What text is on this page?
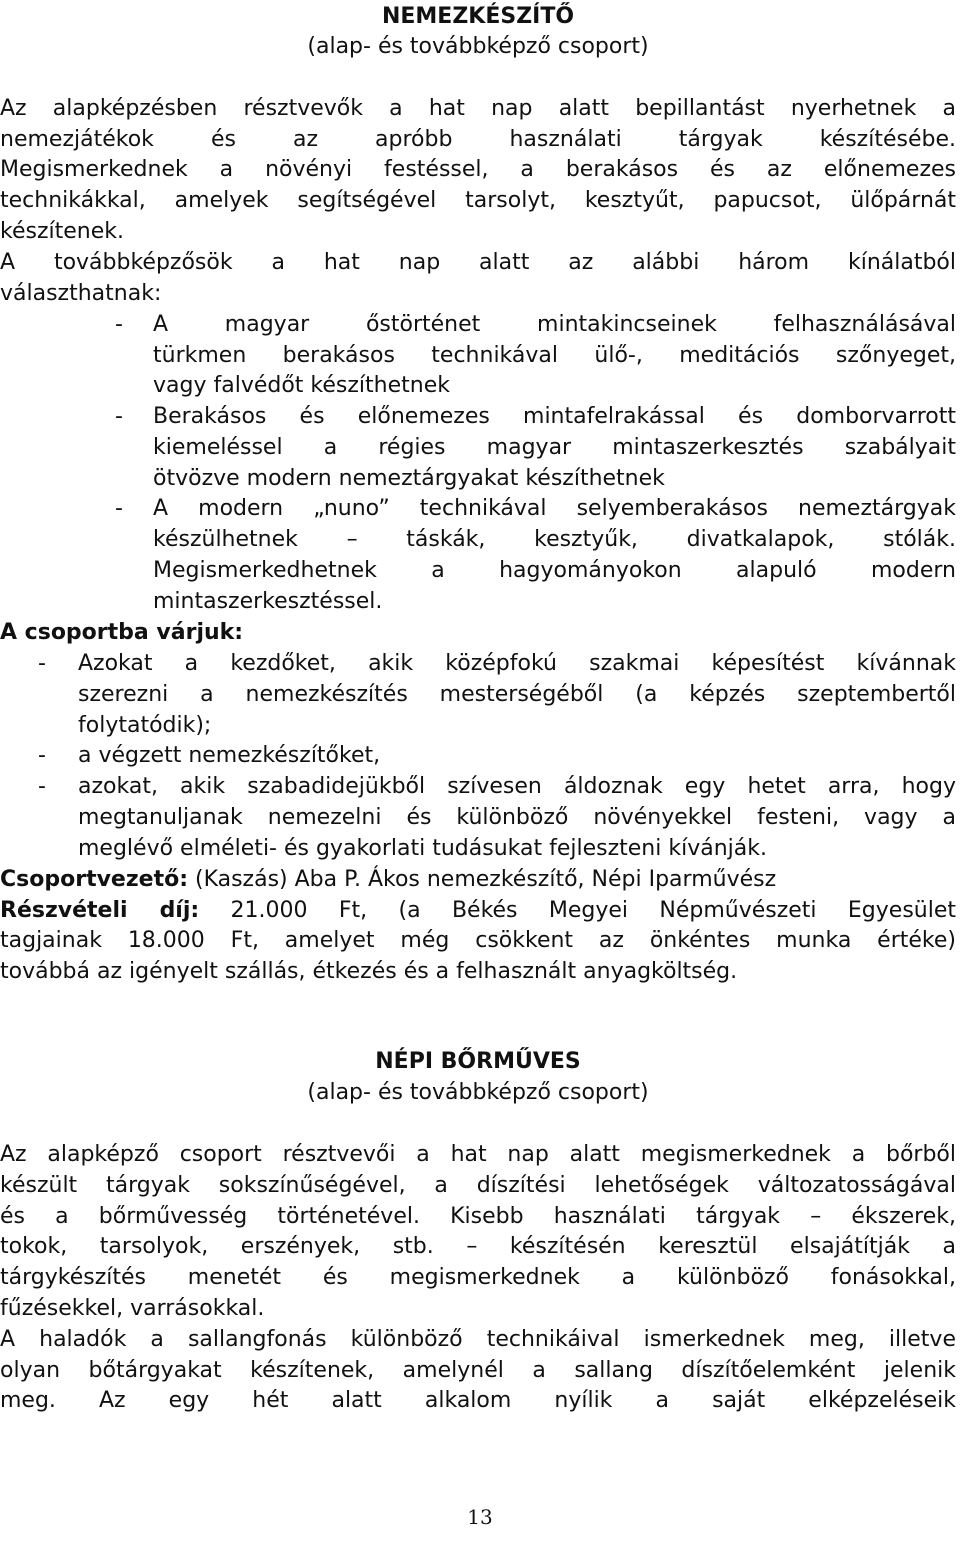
NEMEZKÉSZÍTŐ
(alap- és továbbképző csoport)
Az alapképzésben résztvevők a hat nap alatt bepillantást nyerhetnek a
nemezjátékok és az apróbb használati tárgyak készítésébe.
Megismerkednek a növényi festéssel, a berakásos és az előnemezes
technikákkal, amelyek segítségével tarsolyt, kesztyűt, papucsot, ülőpárnát
készítenek.
A továbbképzősök a hat nap alatt az alábbi három kínálatból
választhatnak:
- A magyar őstörténet mintakincseinek felhasználásával
türkmen berakásos technikával ülő-, meditációs szőnyeget,
vagy falvédőt készíthetnek
- Berakásos és előnemezes mintafelrakással és domborvarrott
kiemeléssel a régies magyar mintaszerkesztés szabályait
ötvözve modern nemeztárgyakat készíthetnek
- A modern „nuno” technikával selyemberakásos nemeztárgyak
készülhetnek – táskák, kesztyűk, divatkalapok, stólák.
Megismerkedhetnek a hagyományokon alapuló modern
mintaszerkesztéssel.
A csoportba várjuk:
- Azokat a kezdőket, akik középfokú szakmai képesítést kívánnak
szerezni a nemezkészítés mesterségéből (a képzés szeptembertől
folytatódik);
- a végzett nemezkészítőket,
- azokat, akik szabadidejükből szívesen áldoznak egy hetet arra, hogy
megtanuljanak nemezelni és különböző növényekkel festeni, vagy a
meglévő elméleti- és gyakorlati tudásukat fejleszteni kívánják.
Csoportvezető: (Kaszás) Aba P. Ákos nemezkészítő, Népi Iparművész
Részvételi díj: 21.000 Ft, (a Békés Megyei Népművészeti Egyesület
tagjainak 18.000 Ft, amelyet még csökkent az önkéntes munka értéke)
továbbá az igényelt szállás, étkezés és a felhasznált anyagköltség.
NÉPI BŐRMŰVES
(alap- és továbbképző csoport)
Az alapképző csoport résztvevői a hat nap alatt megismerkednek a bőrből
készült tárgyak sokszínűségével, a díszítési lehetőségek változatosságával
és a bőrművesség történetével. Kisebb használati tárgyak – ékszerek,
tokok, tarsolyok, erszények, stb. – készítésén keresztül elsajátítják a
tárgykészítés menetét és megismerkednek a különböző fonásokkal,
fűzésekkel, varrásokkal.
A haladók a sallangfonás különböző technikáival ismerkednek meg, illetve
olyan bőtárgyakat készítenek, amelynél a sallang díszítőelemként jelenik
meg. Az egy hét alatt alkalom nyílik a saját elképzeléseik
13
